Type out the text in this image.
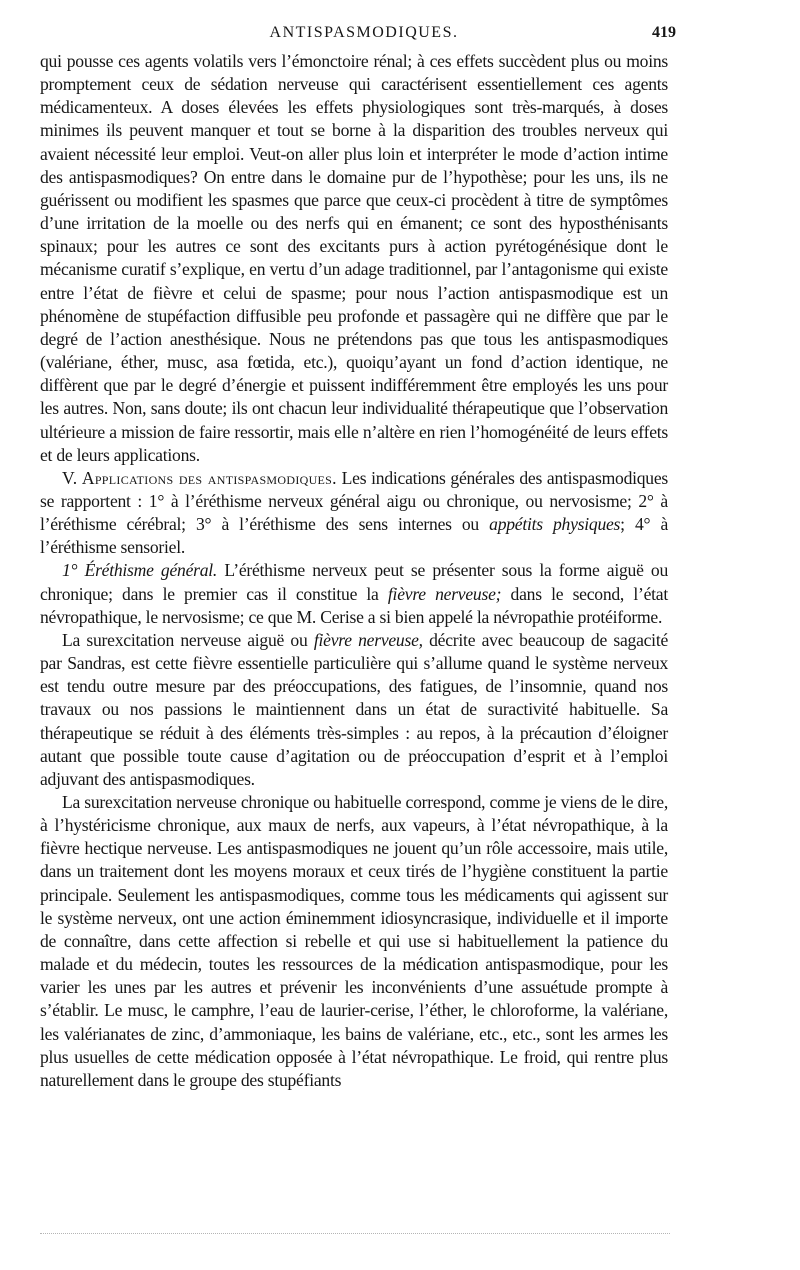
ANTISPASMODIQUES.	419

qui pousse ces agents volatils vers l’émonctoire rénal; à ces effets succèdent plus ou moins promptement ceux de sédation nerveuse qui caractérisent essentiellement ces agents médicamenteux. A doses élevées les effets physiologiques sont très-marqués, à doses minimes ils peuvent manquer et tout se borne à la disparition des troubles nerveux qui avaient nécessité leur emploi. Veut-on aller plus loin et interpréter le mode d’action intime des antispasmodiques? On entre dans le domaine pur de l’hypothèse; pour les uns, ils ne guérissent ou modifient les spasmes que parce que ceux-ci procèdent à titre de symptômes d’une irritation de la moelle ou des nerfs qui en émanent; ce sont des hyposthénisants spinaux; pour les autres ce sont des excitants purs à action pyrétogénésique dont le mécanisme curatif s’explique, en vertu d’un adage traditionnel, par l’antagonisme qui existe entre l’état de fièvre et celui de spasme; pour nous l’action antispasmodique est un phénomène de stupéfaction diffusible peu profonde et passagère qui ne diffère que par le degré de l’action anesthésique. Nous ne prétendons pas que tous les antispasmodiques (valériane, éther, musc, asa fœtida, etc.), quoiqu’ayant un fond d’action identique, ne diffèrent que par le degré d’énergie et puissent indifféremment être employés les uns pour les autres. Non, sans doute; ils ont chacun leur individualité thérapeutique que l’observation ultérieure a mission de faire ressortir, mais elle n’altère en rien l’homogénéité de leurs effets et de leurs applications.

V. Applications des antispasmodiques. Les indications générales des antispasmodiques se rapportent : 1° à l’éréthisme nerveux général aigu ou chronique, ou nervosisme; 2° à l’éréthisme cérébral; 3° à l’éréthisme des sens internes ou appétits physiques; 4° à l’éréthisme sensoriel.

1° Éréthisme général. L’éréthisme nerveux peut se présenter sous la forme aiguë ou chronique; dans le premier cas il constitue la fièvre nerveuse; dans le second, l’état névropathique, le nervosisme; ce que M. Cerise a si bien appelé la névropathie protéiforme.

La surexcitation nerveuse aiguë ou fièvre nerveuse, décrite avec beaucoup de sagacité par Sandras, est cette fièvre essentielle particulière qui s’allume quand le système nerveux est tendu outre mesure par des préoccupations, des fatigues, de l’insomnie, quand nos travaux ou nos passions le maintiennent dans un état de suractivité habituelle. Sa thérapeutique se réduit à des éléments très-simples : au repos, à la précaution d’éloigner autant que possible toute cause d’agitation ou de préoccupation d’esprit et à l’emploi adjuvant des antispasmodiques.

La surexcitation nerveuse chronique ou habituelle correspond, comme je viens de le dire, à l’hystéricisme chronique, aux maux de nerfs, aux vapeurs, à l’état névropathique, à la fièvre hectique nerveuse. Les antispasmodiques ne jouent qu’un rôle accessoire, mais utile, dans un traitement dont les moyens moraux et ceux tirés de l’hygiène constituent la partie principale. Seulement les antispasmodiques, comme tous les médicaments qui agissent sur le système nerveux, ont une action éminemment idiosyncrasique, individuelle et il importe de connaître, dans cette affection si rebelle et qui use si habituellement la patience du malade et du médecin, toutes les ressources de la médication antispasmodique, pour les varier les unes par les autres et prévenir les inconvénients d’une assuétude prompte à s’établir. Le musc, le camphre, l’eau de laurier-cerise, l’éther, le chloroforme, la valériane, les valérianates de zinc, d’ammoniaque, les bains de valériane, etc., etc., sont les armes les plus usuelles de cette médication opposée à l’état névropathique. Le froid, qui rentre plus naturellement dans le groupe des stupéfiants
